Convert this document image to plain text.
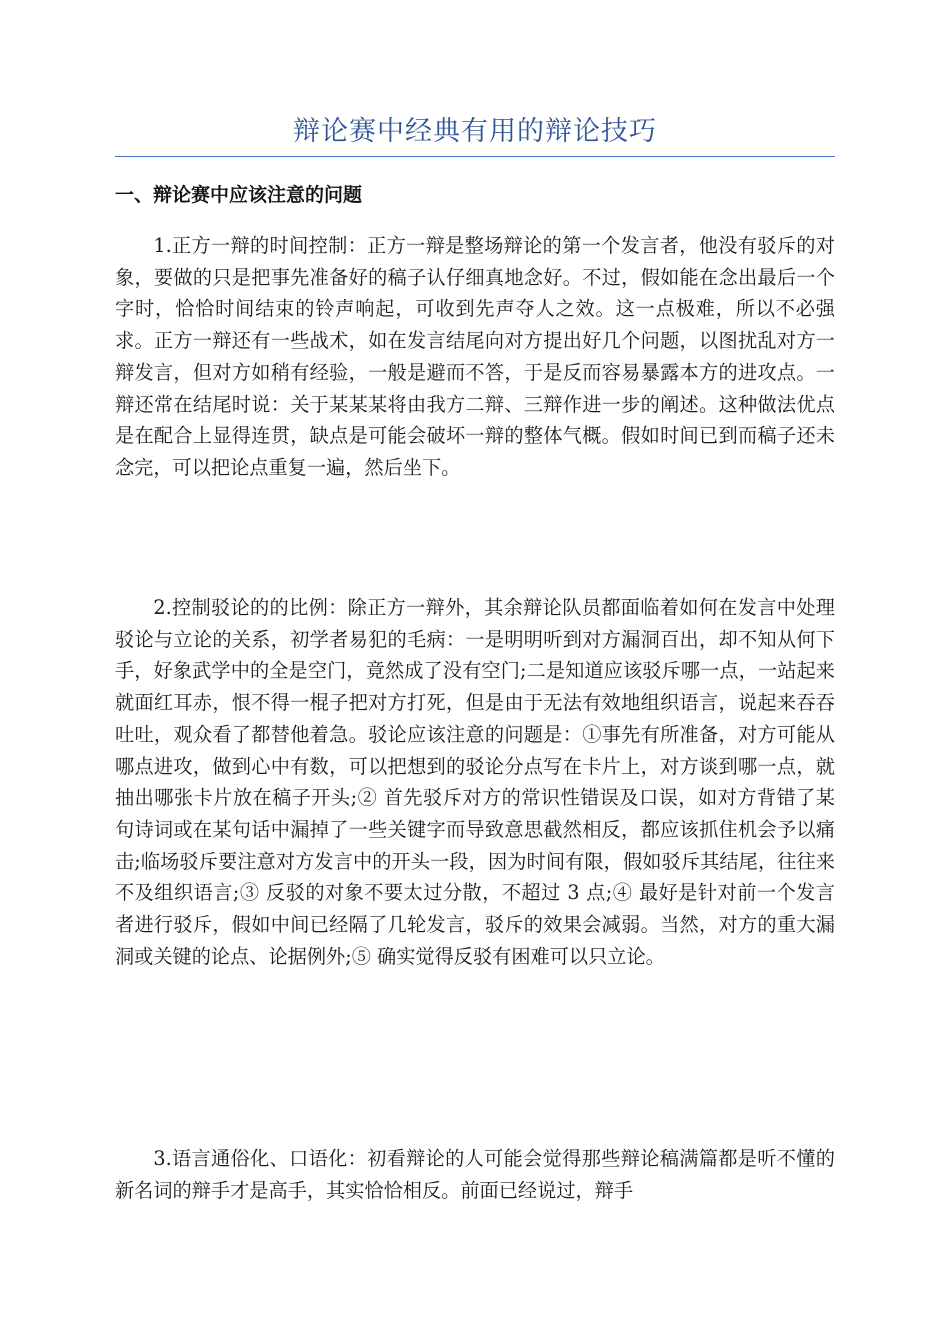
辩论赛中经典有用的辩论技巧
一、辩论赛中应该注意的问题

1.正方一辩的时间控制：正方一辩是整场辩论的第一个发言者，他没有驳斥的对象，要做的只是把事先准备好的稿子认仔细真地念好。不过，假如能在念出最后一个字时，恰恰时间结束的铃声响起，可收到先声夺人之效。这一点极难，所以不必强求。正方一辩还有一些战术，如在发言结尾向对方提出好几个问题，以图扰乱对方一辩发言，但对方如稍有经验，一般是避而不答，于是反而容易暴露本方的进攻点。一辩还常在结尾时说：关于某某某将由我方二辩、三辩作进一步的阐述。这种做法优点是在配合上显得连贯，缺点是可能会破坏一辩的整体气概。假如时间已到而稿子还未念完，可以把论点重复一遍，然后坐下。

2.控制驳论的的比例：除正方一辩外，其余辩论队员都面临着如何在发言中处理驳论与立论的关系，初学者易犯的毛病：一是明明听到对方漏洞百出，却不知从何下手，好象武学中的全是空门，竟然成了没有空门;二是知道应该驳斥哪一点，一站起来就面红耳赤，恨不得一棍子把对方打死，但是由于无法有效地组织语言，说起来吞吞吐吐，观众看了都替他着急。驳论应该注意的问题是：①事先有所准备，对方可能从哪点进攻，做到心中有数，可以把想到的驳论分点写在卡片上，对方谈到哪一点，就抽出哪张卡片放在稿子开头;② 首先驳斥对方的常识性错误及口误，如对方背错了某句诗词或在某句话中漏掉了一些关键字而导致意思截然相反，都应该抓住机会予以痛击;临场驳斥要注意对方发言中的开头一段，因为时间有限，假如驳斥其结尾，往往来不及组织语言;③ 反驳的对象不要太过分散，不超过 3 点;④ 最好是针对前一个发言者进行驳斥，假如中间已经隔了几轮发言，驳斥的效果会减弱。当然，对方的重大漏洞或关键的论点、论据例外;⑤ 确实觉得反驳有困难可以只立论。

3.语言通俗化、口语化：初看辩论的人可能会觉得那些辩论稿满篇都是听不懂的新名词的辩手才是高手，其实恰恰相反。前面已经说过，辩手
